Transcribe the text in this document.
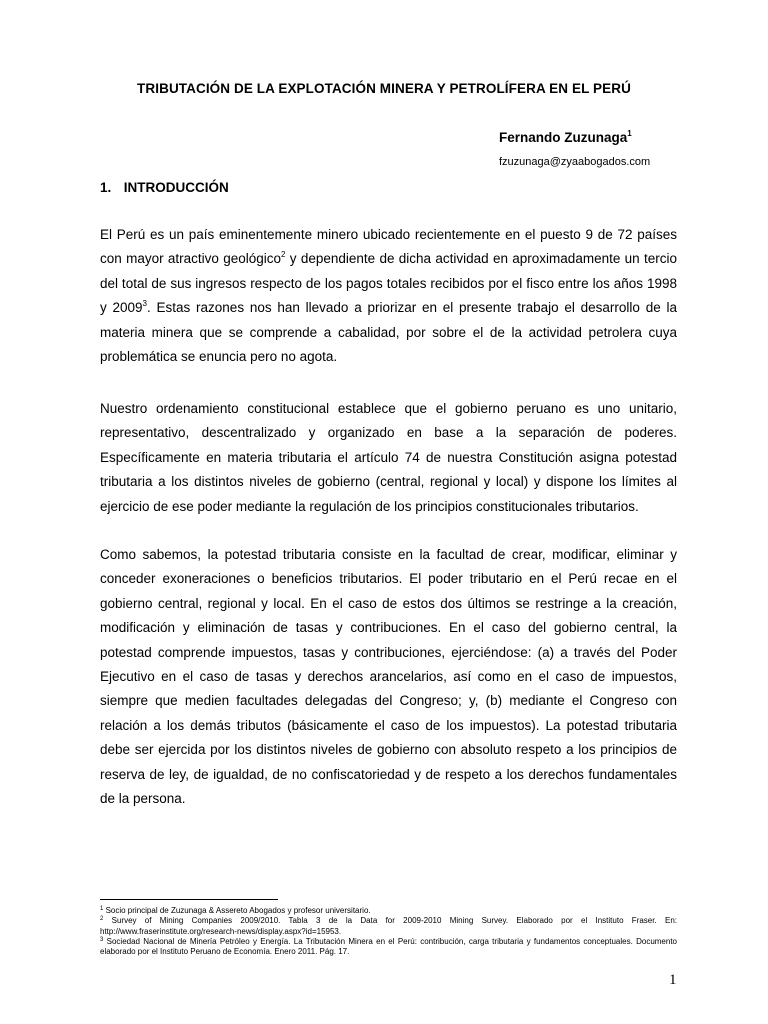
TRIBUTACIÓN DE LA EXPLOTACIÓN MINERA Y PETROLÍFERA EN EL PERÚ
Fernando Zuzunaga$^1$
fzuzunaga@zyaabogados.com
1. INTRODUCCIÓN
El Perú es un país eminentemente minero ubicado recientemente en el puesto 9 de 72 países con mayor atractivo geológico$^2$ y dependiente de dicha actividad en aproximadamente un tercio del total de sus ingresos respecto de los pagos totales recibidos por el fisco entre los años 1998 y 2009$^3$. Estas razones nos han llevado a priorizar en el presente trabajo el desarrollo de la materia minera que se comprende a cabalidad, por sobre el de la actividad petrolera cuya problemática se enuncia pero no agota.
Nuestro ordenamiento constitucional establece que el gobierno peruano es uno unitario, representativo, descentralizado y organizado en base a la separación de poderes. Específicamente en materia tributaria el artículo 74 de nuestra Constitución asigna potestad tributaria a los distintos niveles de gobierno (central, regional y local) y dispone los límites al ejercicio de ese poder mediante la regulación de los principios constitucionales tributarios.
Como sabemos, la potestad tributaria consiste en la facultad de crear, modificar, eliminar y conceder exoneraciones o beneficios tributarios. El poder tributario en el Perú recae en el gobierno central, regional y local. En el caso de estos dos últimos se restringe a la creación, modificación y eliminación de tasas y contribuciones. En el caso del gobierno central, la potestad comprende impuestos, tasas y contribuciones, ejerciéndose: (a) a través del Poder Ejecutivo en el caso de tasas y derechos arancelarios, así como en el caso de impuestos, siempre que medien facultades delegadas del Congreso; y, (b) mediante el Congreso con relación a los demás tributos (básicamente el caso de los impuestos). La potestad tributaria debe ser ejercida por los distintos niveles de gobierno con absoluto respeto a los principios de reserva de ley, de igualdad, de no confiscatoriedad y de respeto a los derechos fundamentales de la persona.

$^1$ Socio principal de Zuzunaga & Assereto Abogados y profesor universitario.

$^2$ Survey of Mining Companies 2009/2010. Tabla 3 de la Data for 2009-2010 Mining Survey. Elaborado por el Instituto Fraser. En: http://www.fraserinstitute.org/research-news/display.aspx?id=15953.

$^3$ Sociedad Nacional de Minería Petróleo y Energía. La Tributación Minera en el Perú: contribución, carga tributaria y fundamentos conceptuales. Documento elaborado por el Instituto Peruano de Economía. Enero 2011. Pág. 17.

1
